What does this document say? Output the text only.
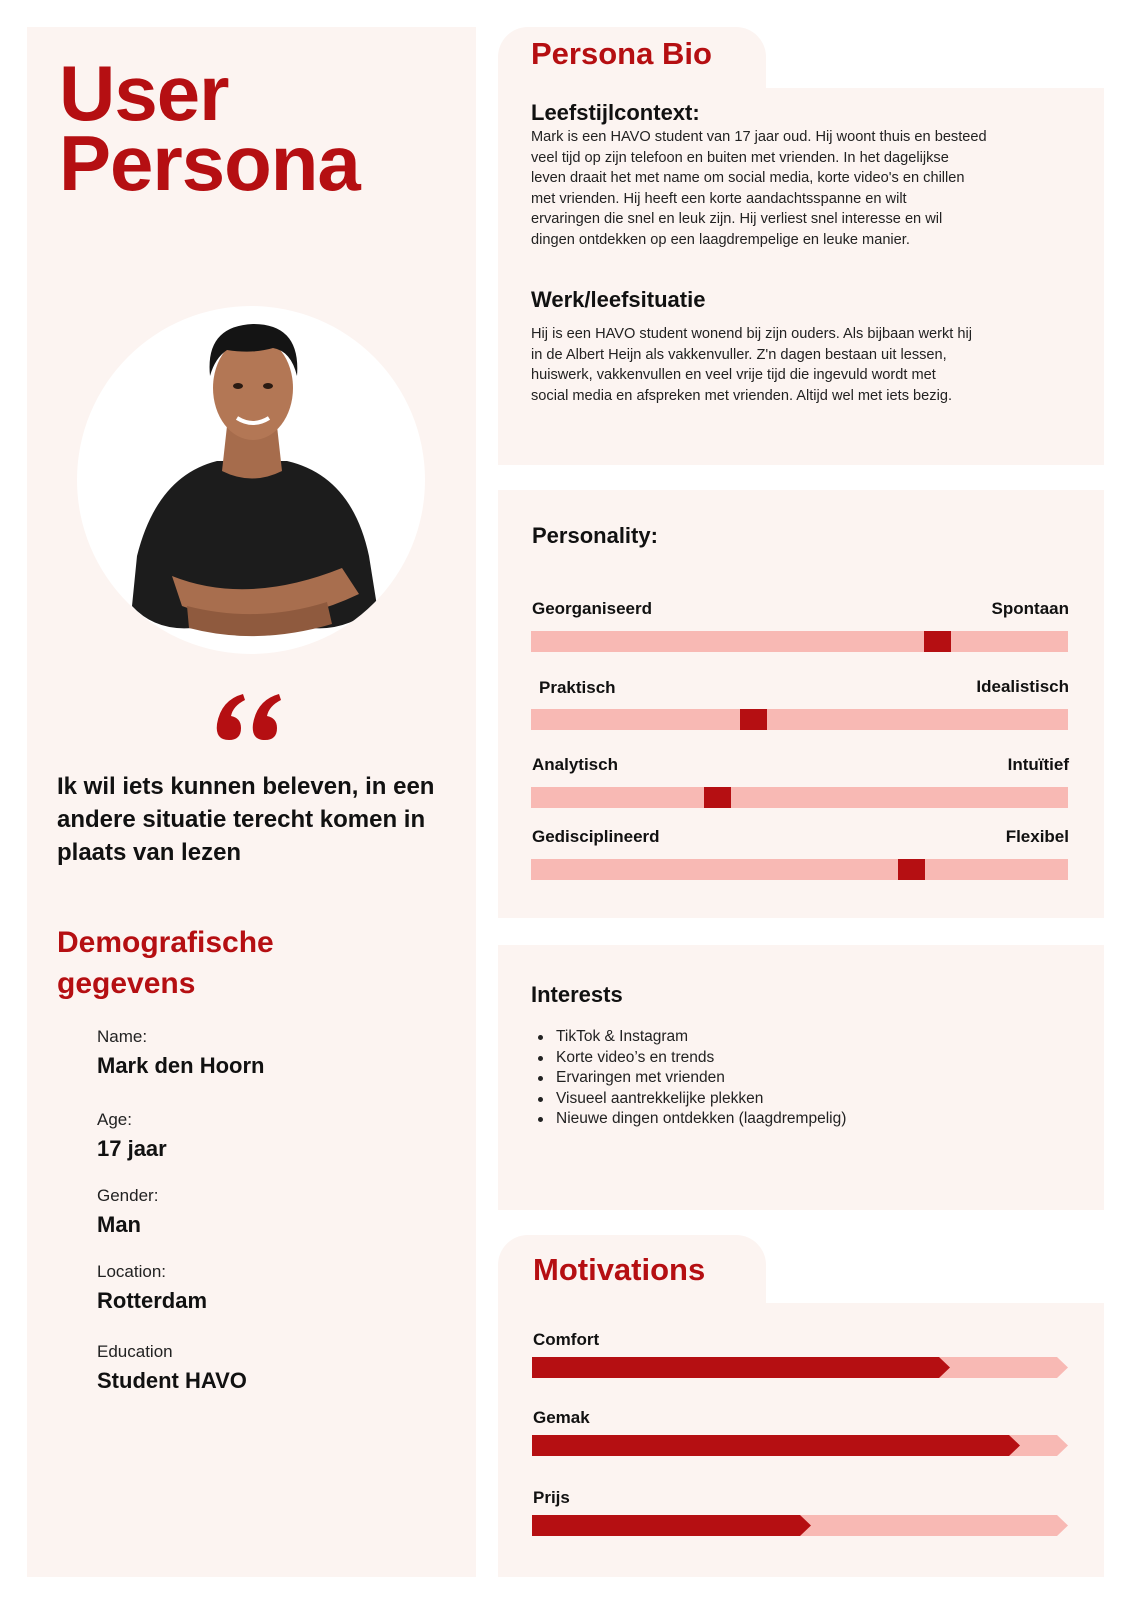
User
Persona
Ik wil iets kunnen beleven, in een andere situatie terecht komen in plaats van lezen
Demografische gegevens
Name:
Mark den Hoorn
Age:
17 jaar
Gender:
Man
Location:
Rotterdam
Education
Student HAVO
Persona Bio
Leefstijlcontext:
Mark is een HAVO student van 17 jaar oud. Hij woont thuis en besteed
veel tijd op zijn telefoon en buiten met vrienden. In het dagelijkse
leven draait het met name om social media, korte video's en chillen
met vrienden. Hij heeft een korte aandachtsspanne en wilt
ervaringen die snel en leuk zijn. Hij verliest snel interesse en wil
dingen ontdekken op een laagdrempelige en leuke manier.
Werk/leefsituatie
Hij is een HAVO student wonend bij zijn ouders. Als bijbaan werkt hij
in de Albert Heijn als vakkenvuller. Z'n dagen bestaan uit lessen,
huiswerk, vakkenvullen en veel vrije tijd die ingevuld wordt met
social media en afspreken met vrienden. Altijd wel met iets bezig.
Personality:
Georganiseerd	Spontaan
Praktisch	Idealistisch
Analytisch	Intuïtief
Gedisciplineerd	Flexibel
Interests
TikTok & Instagram
Korte video’s en trends
Ervaringen met vrienden
Visueel aantrekkelijke plekken
Nieuwe dingen ontdekken (laagdrempelig)
Motivations
Comfort
Gemak
Prijs
